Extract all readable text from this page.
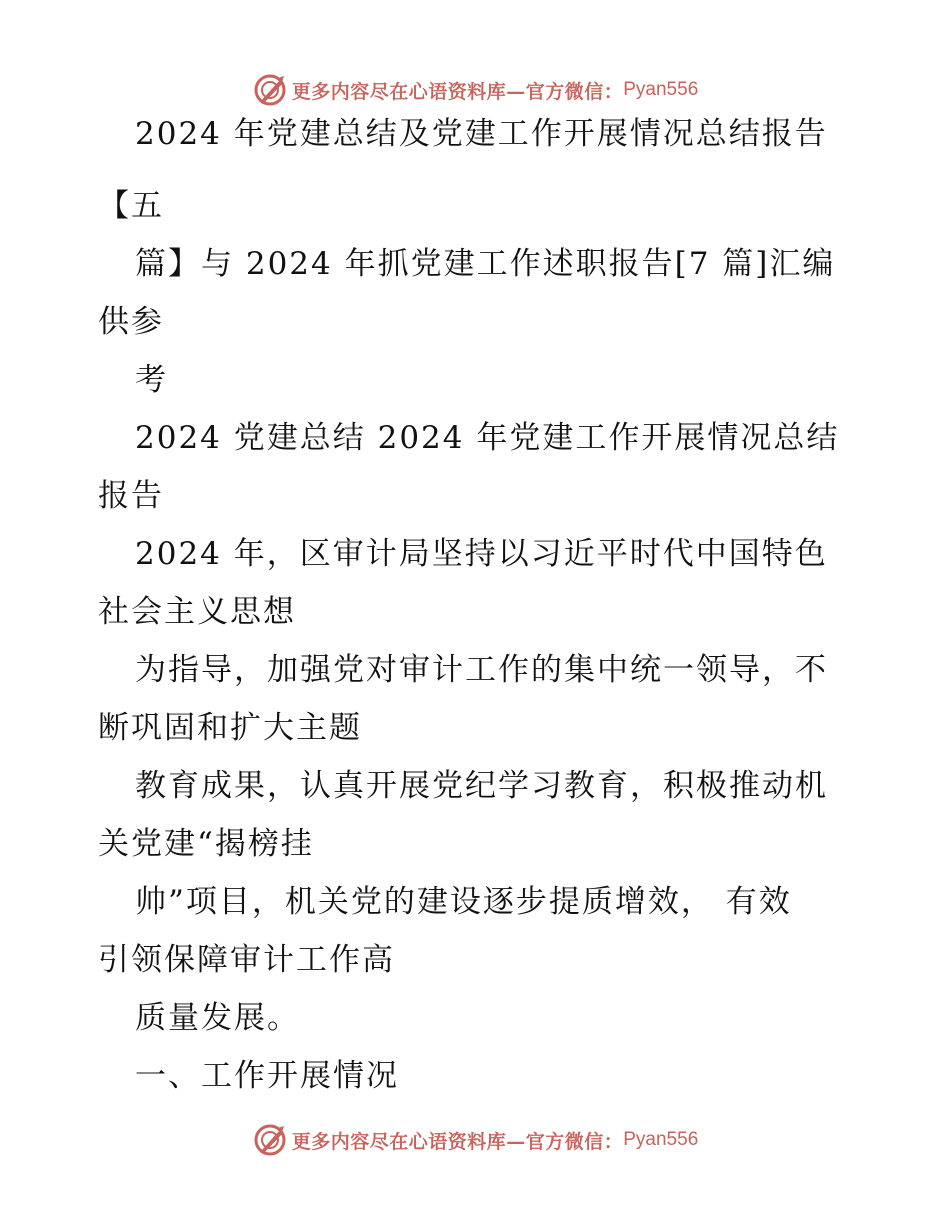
更多内容尽在心语资料库—官方微信： Pyan556
2024 年党建总结及党建工作开展情况总结报告
【五
篇】与 2024 年抓党建工作述职报告[7 篇]汇编
供参
考
2024 党建总结 2024 年党建工作开展情况总结
报告
2024 年，区审计局坚持以习近平时代中国特色
社会主义思想
为指导，加强党对审计工作的集中统一领导，不
断巩固和扩大主题
教育成果，认真开展党纪学习教育，积极推动机
关党建“揭榜挂
帅”项目，机关党的建设逐步提质增效， 有效
引领保障审计工作高
质量发展。
一、工作开展情况
更多内容尽在心语资料库—官方微信： Pyan556
